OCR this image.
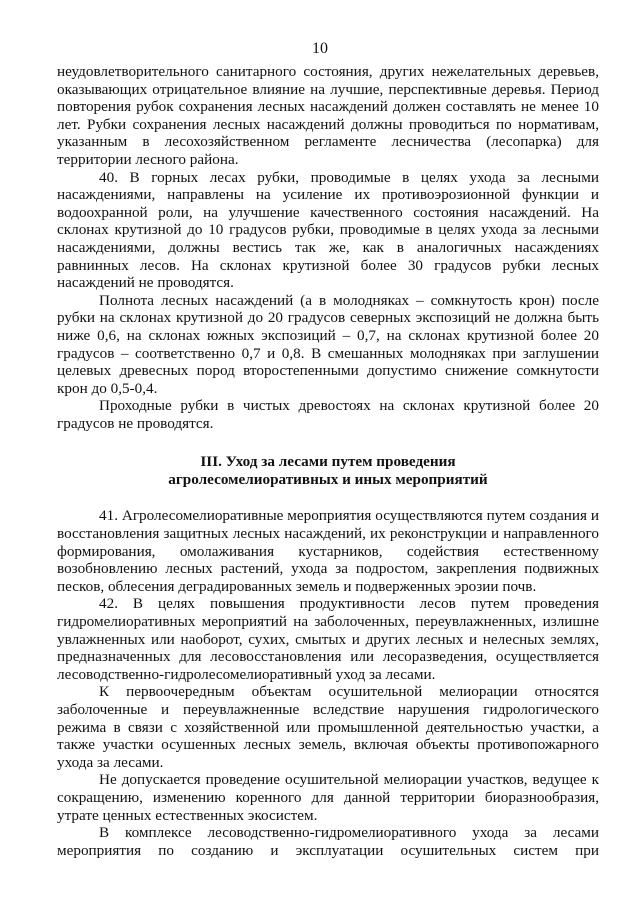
10

неудовлетворительного санитарного состояния, других нежелательных деревьев, оказывающих отрицательное влияние на лучшие, перспективные деревья. Период повторения рубок сохранения лесных насаждений должен составлять не менее 10 лет. Рубки сохранения лесных насаждений должны проводиться по нормативам, указанным в лесохозяйственном регламенте лесничества (лесопарка) для территории лесного района.

40. В горных лесах рубки, проводимые в целях ухода за лесными насаждениями, направлены на усиление их противоэрозионной функции и водоохранной роли, на улучшение качественного состояния насаждений. На склонах крутизной до 10 градусов рубки, проводимые в целях ухода за лесными насаждениями, должны вестись так же, как в аналогичных насаждениях равнинных лесов. На склонах крутизной более 30 градусов рубки лесных насаждений не проводятся.

Полнота лесных насаждений (а в молодняках – сомкнутость крон) после рубки на склонах крутизной до 20 градусов северных экспозиций не должна быть ниже 0,6, на склонах южных экспозиций – 0,7, на склонах крутизной более 20 градусов – соответственно 0,7 и 0,8. В смешанных молодняках при заглушении целевых древесных пород второстепенными допустимо снижение сомкнутости крон до 0,5-0,4.

Проходные рубки в чистых древостоях на склонах крутизной более 20 градусов не проводятся.

III. Уход за лесами путем проведения
агролесомелиоративных и иных мероприятий

41. Агролесомелиоративные мероприятия осуществляются путем создания и восстановления защитных лесных насаждений, их реконструкции и направленного формирования, омолаживания кустарников, содействия естественному возобновлению лесных растений, ухода за подростом, закрепления подвижных песков, облесения деградированных земель и подверженных эрозии почв.

42. В целях повышения продуктивности лесов путем проведения гидромелиоративных мероприятий на заболоченных, переувлажненных, излишне увлажненных или наоборот, сухих, смытых и других лесных и нелесных землях, предназначенных для лесовосстановления или лесоразведения, осуществляется лесоводственно-гидролесомелиоративный уход за лесами.

К первоочередным объектам осушительной мелиорации относятся заболоченные и переувлажненные вследствие нарушения гидрологического режима в связи с хозяйственной или промышленной деятельностью участки, а также участки осушенных лесных земель, включая объекты противопожарного ухода за лесами.

Не допускается проведение осушительной мелиорации участков, ведущее к сокращению, изменению коренного для данной территории биоразнообразия, утрате ценных естественных экосистем.

В комплексе лесоводственно-гидромелиоративного ухода за лесами мероприятия по созданию и эксплуатации осушительных систем при
